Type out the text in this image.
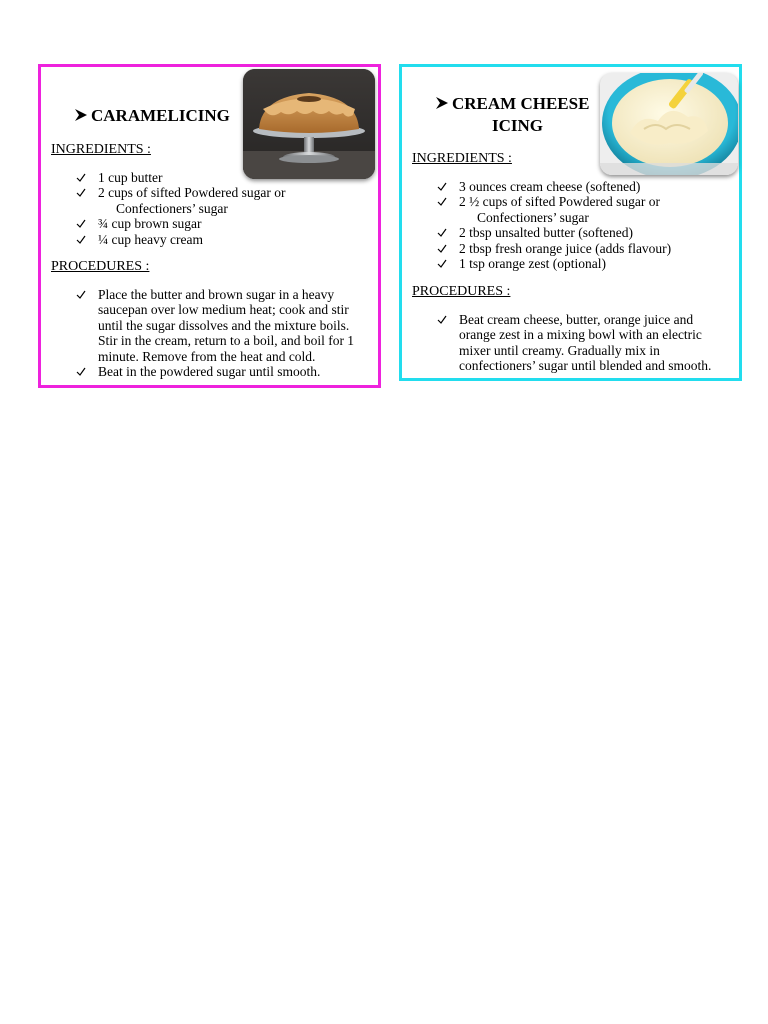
CARAMELICING
INGREDIENTS :
1 cup butter
2 cups of sifted Powdered sugar or
Confectioners’ sugar
¾ cup brown sugar
¼ cup heavy cream
PROCEDURES :
Place the butter and brown sugar in a heavy saucepan over low medium heat; cook and stir until the sugar dissolves and the mixture boils. Stir in the cream, return to a boil, and boil for 1 minute. Remove from the heat and cold.
Beat in the powdered sugar until smooth.
CREAM CHEESE
ICING
INGREDIENTS :
3 ounces cream cheese (softened)
2 ½ cups of sifted Powdered sugar or
Confectioners’ sugar
2 tbsp unsalted butter (softened)
2 tbsp fresh orange juice (adds flavour)
1 tsp orange zest (optional)
PROCEDURES :
Beat cream cheese, butter, orange juice and orange zest in a mixing bowl with an electric mixer until creamy. Gradually mix in confectioners’ sugar until blended and smooth.
